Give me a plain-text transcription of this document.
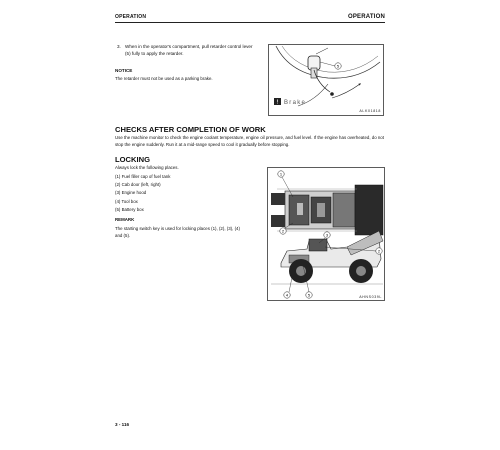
OPERATION	OPERATION
3. When in the operator's compartment, pull retarder control lever
(5) fully to apply the retarder.
NOTICE
The retarder must not be used as a parking brake.
5
! Brake
ALK01818
CHECKS AFTER COMPLETION OF WORK
Use the machine monitor to check the engine coolant temperature, engine oil pressure, and fuel level. If the engine has overheated, do not stop the engine suddenly. Run it at a mid-range speed to cool it gradually before stopping.
LOCKING
Always lock the following places.
(1) Fuel filler cap of fuel tank
(2) Cab door (left, right)
(3) Engine hood
(4) Tool box
(5) Battery box
REMARK
The starting switch key is used for locking places (1), (2), (3), (4)
and (5).
1
2
3
4	5
2
AHNS039L
3 - 116
